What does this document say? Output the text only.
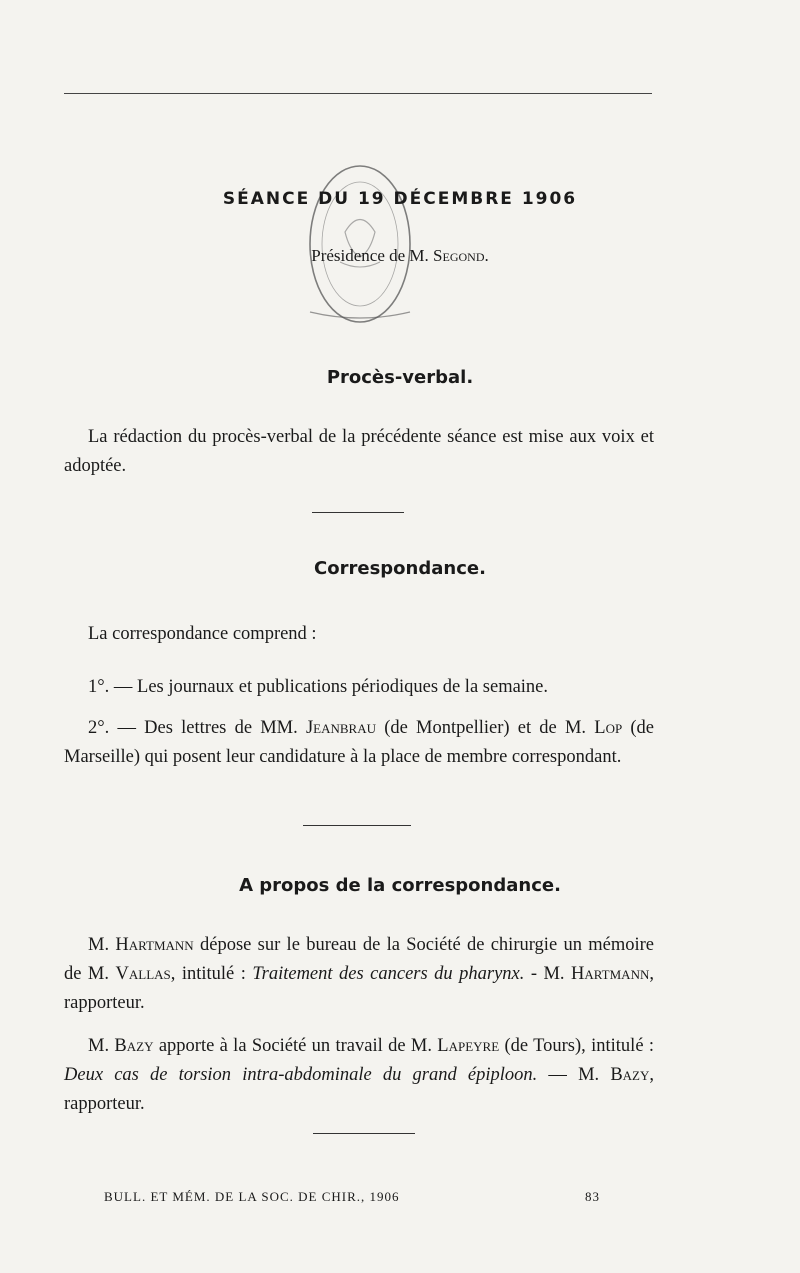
SÉANCE DU 19 DÉCEMBRE 1906
Présidence de M. Segond.
Procès-verbal.
La rédaction du procès-verbal de la précédente séance est mise aux voix et adoptée.
Correspondance.
La correspondance comprend :
1°. — Les journaux et publications périodiques de la semaine.
2°. — Des lettres de MM. Jeanbrau (de Montpellier) et de M. Lop (de Marseille) qui posent leur candidature à la place de membre correspondant.
A propos de la correspondance.
M. Hartmann dépose sur le bureau de la Société de chirurgie un mémoire de M. Vallas, intitulé : Traitement des cancers du pharynx. - M. Hartmann, rapporteur.
M. Bazy apporte à la Société un travail de M. Lapeyre (de Tours), intitulé : Deux cas de torsion intra-abdominale du grand épiploon. — M. Bazy, rapporteur.
BULL. ET MÉM. DE LA SOC. DE CHIR., 1906	83
